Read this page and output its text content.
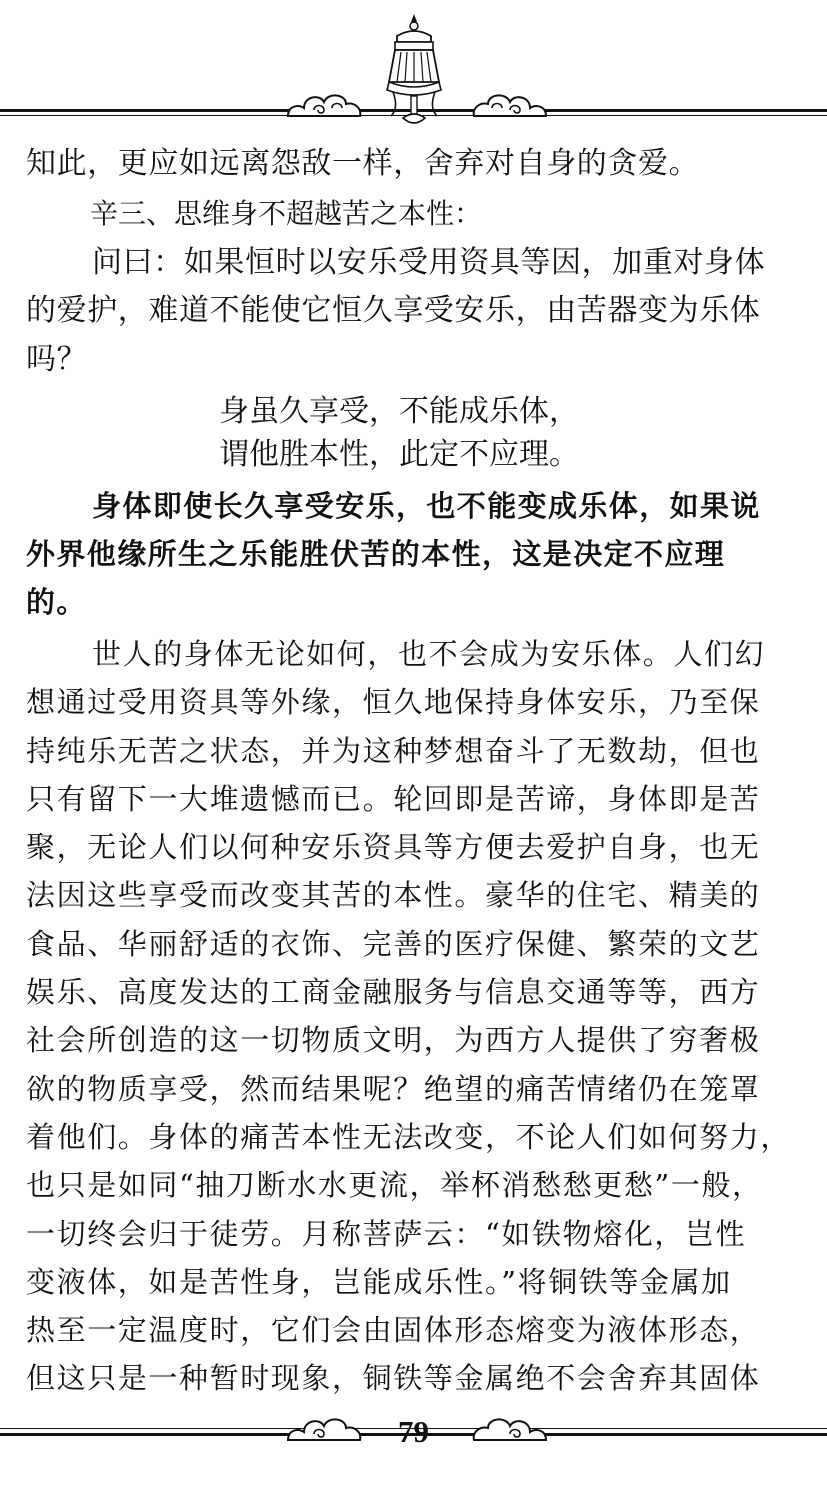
知此，更应如远离怨敌一样，舍弃对自身的贪爱。
辛三、思维身不超越苦之本性：
问曰：如果恒时以安乐受用资具等因，加重对身体
的爱护，难道不能使它恒久享受安乐，由苦器变为乐体
吗？
身虽久享受，不能成乐体，
谓他胜本性，此定不应理。
身体即使长久享受安乐，也不能变成乐体，如果说
外界他缘所生之乐能胜伏苦的本性，这是决定不应理
的。
世人的身体无论如何，也不会成为安乐体。人们幻
想通过受用资具等外缘，恒久地保持身体安乐，乃至保
持纯乐无苦之状态，并为这种梦想奋斗了无数劫，但也
只有留下一大堆遗憾而已。轮回即是苦谛，身体即是苦
聚，无论人们以何种安乐资具等方便去爱护自身，也无
法因这些享受而改变其苦的本性。豪华的住宅、精美的
食品、华丽舒适的衣饰、完善的医疗保健、繁荣的文艺
娱乐、高度发达的工商金融服务与信息交通等等，西方
社会所创造的这一切物质文明，为西方人提供了穷奢极
欲的物质享受，然而结果呢？绝望的痛苦情绪仍在笼罩
着他们。身体的痛苦本性无法改变，不论人们如何努力，
也只是如同“抽刀断水水更流，举杯消愁愁更愁”一般，
一切终会归于徒劳。月称菩萨云：“如铁物熔化，岂性
变液体，如是苦性身，岂能成乐性。”将铜铁等金属加
热至一定温度时，它们会由固体形态熔变为液体形态，
但这只是一种暂时现象，铜铁等金属绝不会舍弃其固体
79
